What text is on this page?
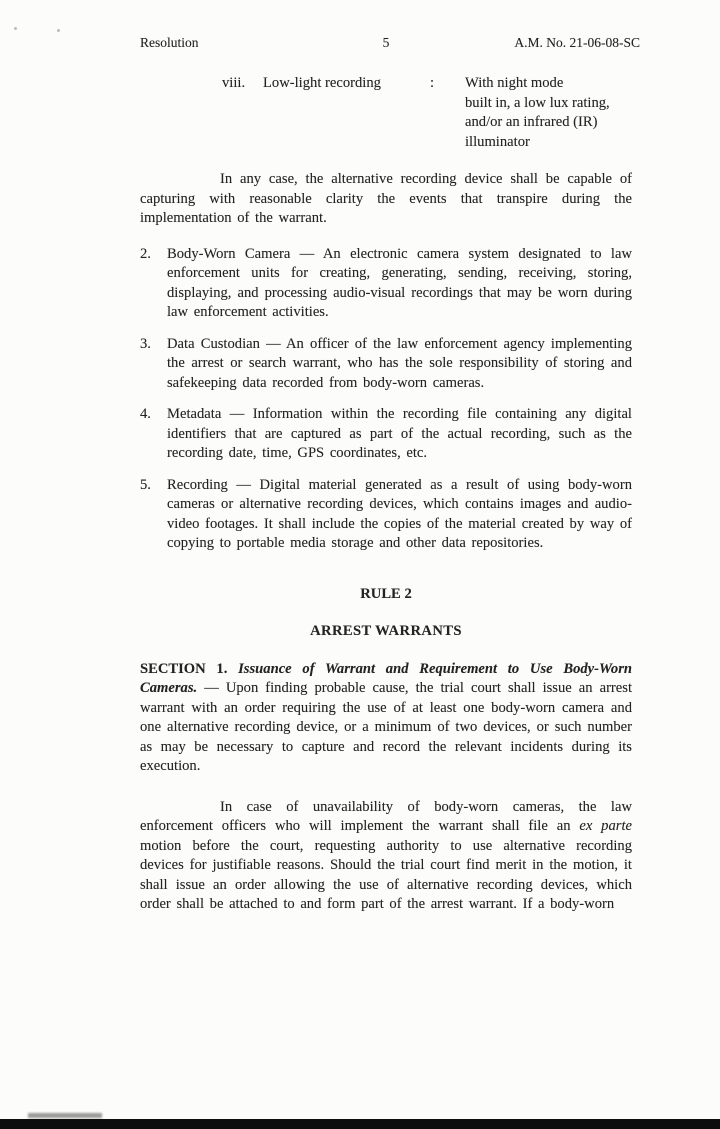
Resolution	5	A.M. No. 21-06-08-SC
viii.	Low-light recording	:	With night mode
built in, a low lux rating,
and/or an infrared (IR)
illuminator

In any case, the alternative recording device shall be capable of capturing with reasonable clarity the events that transpire during the implementation of the warrant.

2.	Body-Worn Camera — An electronic camera system designated to law enforcement units for creating, generating, sending, receiving, storing, displaying, and processing audio-visual recordings that may be worn during law enforcement activities.
3.	Data Custodian — An officer of the law enforcement agency implementing the arrest or search warrant, who has the sole responsibility of storing and safekeeping data recorded from body-worn cameras.
4.	Metadata — Information within the recording file containing any digital identifiers that are captured as part of the actual recording, such as the recording date, time, GPS coordinates, etc.
5.	Recording — Digital material generated as a result of using body-worn cameras or alternative recording devices, which contains images and audio-video footages. It shall include the copies of the material created by way of copying to portable media storage and other data repositories.
RULE 2
ARREST WARRANTS

SECTION 1. Issuance of Warrant and Requirement to Use Body-Worn Cameras. — Upon finding probable cause, the trial court shall issue an arrest warrant with an order requiring the use of at least one body-worn camera and one alternative recording device, or a minimum of two devices, or such number as may be necessary to capture and record the relevant incidents during its execution.

In case of unavailability of body-worn cameras, the law enforcement officers who will implement the warrant shall file an ex parte motion before the court, requesting authority to use alternative recording devices for justifiable reasons. Should the trial court find merit in the motion, it shall issue an order allowing the use of alternative recording devices, which order shall be attached to and form part of the arrest warrant. If a body-worn
